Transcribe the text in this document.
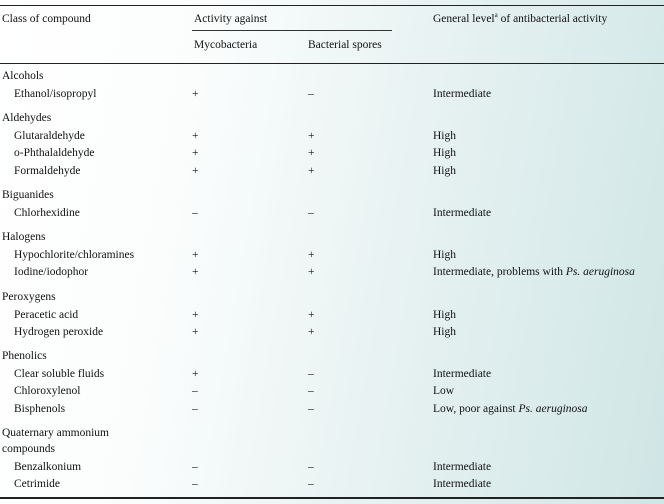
Class of compound	Activity against
Mycobacteria	Bacterial spores
General level$^a$ of antibacterial activity
Alcohols
Ethanol/isopropyl	+	–	Intermediate
Aldehydes
Glutaraldehyde	+	+	High
o-Phthalaldehyde	+	+	High
Formaldehyde	+	+	High
Biguanides
Chlorhexidine	–	–	Intermediate
Halogens
Hypochlorite/chloramines	+	+	High
Iodine/iodophor	+	+	Intermediate, problems with Ps. aeruginosa
Peroxygens
Peracetic acid	+	+	High
Hydrogen peroxide	+	+	High
Phenolics
Clear soluble fluids	+	–	Intermediate
Chloroxylenol	–	–	Low
Bisphenols	–	–	Low, poor against Ps. aeruginosa
Quaternary ammonium
compounds
Benzalkonium	–	–	Intermediate
Cetrimide	–	–	Intermediate
